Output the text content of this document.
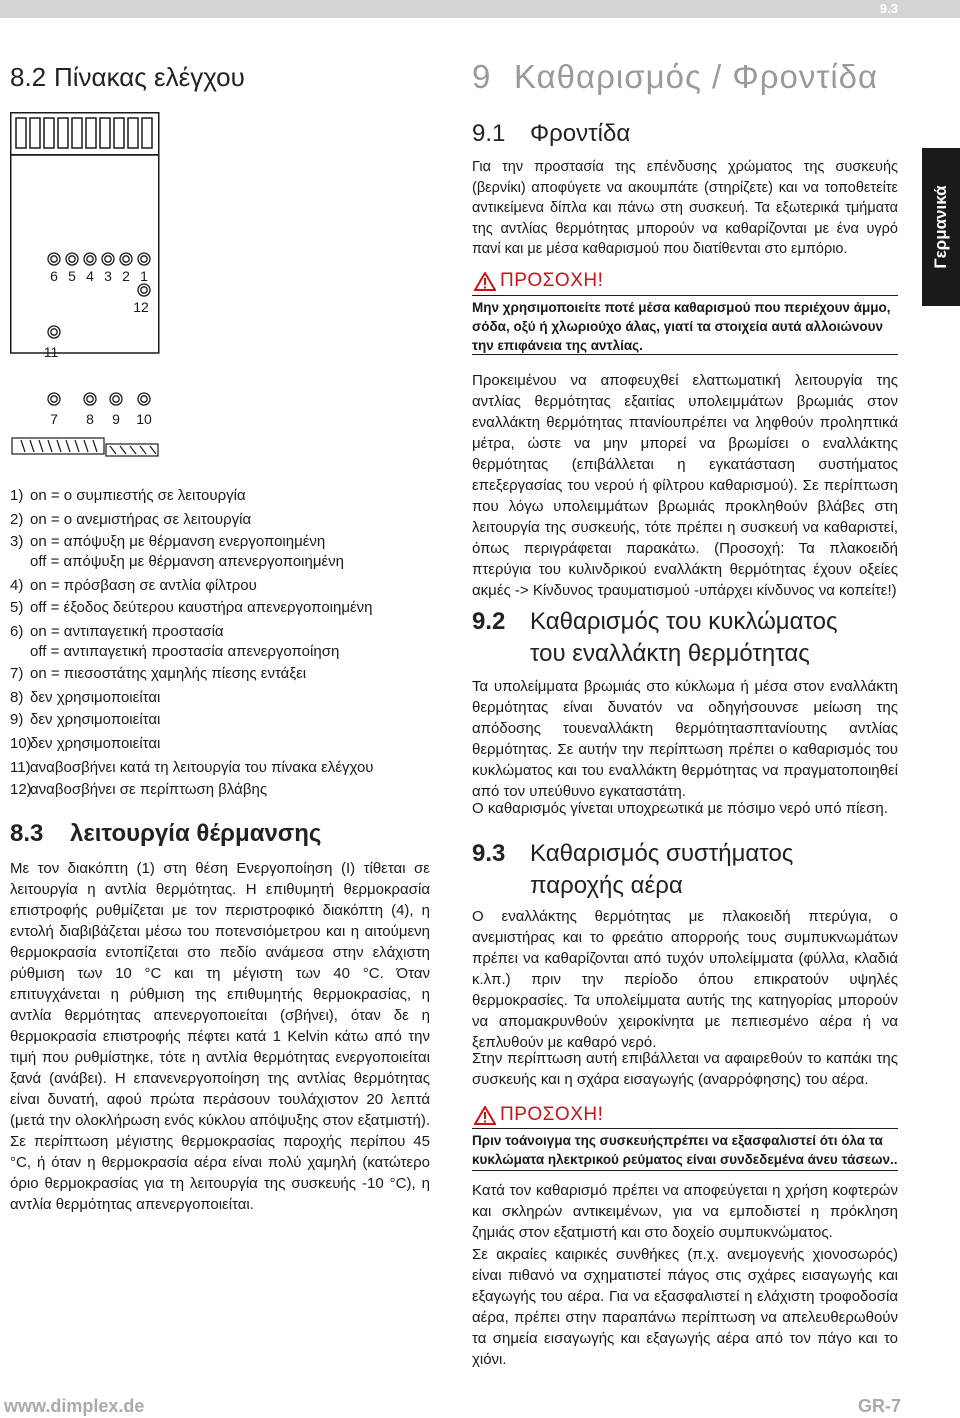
9.3
8.2 Πίνακας ελέγχου
6 5 4 3 2 1
12
11
7 8 9 10
1) on = ο συμπιεστής σε λειτουργία
2) on = ο ανεμιστήρας σε λειτουργία
3) on = απόψυξη με θέρμανση ενεργοποιημένη
off = απόψυξη με θέρμανση απενεργοποιημένη
4) on = πρόσβαση σε αντλία φίλτρου
5) off = έξοδος δεύτερου καυστήρα απενεργοποιημένη
6) on = αντιπαγετική προστασία
off = αντιπαγετική προστασία απενεργοποίηση
7) on = πιεσοστάτης χαμηλής πίεσης εντάξει
8) δεν χρησιμοποιείται
9) δεν χρησιμοποιείται
10)δεν χρησιμοποιείται
11)αναβοσβήνει κατά τη λειτουργία του πίνακα ελέγχου
12)αναβοσβήνει σε περίπτωση βλάβης
8.3 λειτουργία θέρμανσης
Με τον διακόπτη (1) στη θέση Ενεργοποίηση (I) τίθεται σε λειτουργία η αντλία θερμότητας. Η επιθυμητή θερμοκρασία επιστροφής ρυθμίζεται με τον περιστροφικό διακόπτη (4), η εντολή διαβιβάζεται μέσω του ποτενσιόμετρου και η αιτούμενη θερμοκρασία εντοπίζεται στο πεδίο ανάμεσα στην ελάχιστη ρύθμιση των 10 °C και τη μέγιστη των 40 °C. Όταν επιτυγχάνεται η ρύθμιση της επιθυμητής θερμοκρασίας, η αντλία θερμότητας απενεργοποιείται (σβήνει), όταν δε η θερμοκρασία επιστροφής πέφτει κατά 1 Kelvin κάτω από την τιμή που ρυθμίστηκε, τότε η αντλία θερμότητας ενεργοποιείται ξανά (ανάβει). Η επανενεργοποίηση της αντλίας θερμότητας είναι δυνατή, αφού πρώτα περάσουν τουλάχιστον 20 λεπτά (μετά την ολοκλήρωση ενός κύκλου απόψυξης στον εξατμιστή). Σε περίπτωση μέγιστης θερμοκρασίας παροχής περίπου 45 °C, ή όταν η θερμοκρασία αέρα είναι πολύ χαμηλή (κατώτερο όριο θερμοκρασίας για τη λειτουργία της συσκευής -10 °C), η αντλία θερμότητας απενεργοποιείται.
9 Καθαρισμός / Φροντίδα
9.1 Φροντίδα
Για την προστασία της επένδυσης χρώματος της συσκευής (βερνίκι) αποφύγετε να ακουμπάτε (στηρίζετε) και να τοποθετείτε αντικείμενα δίπλα και πάνω στη συσκευή. Τα εξωτερικά τμήματα της αντλίας θερμότητας μπορούν να καθαρίζονται με ένα υγρό πανί και με μέσα καθαρισμού που διατίθενται στο εμπόριο.
ΠΡΟΣΟΧΗ!
Μην χρησιμοποιείτε ποτέ μέσα καθαρισμού που περιέχουν άμμο, σόδα, οξύ ή χλωριούχο άλας, γιατί τα στοιχεία αυτά αλλοιώνουν την επιφάνεια της αντλίας.
Προκειμένου να αποφευχθεί ελαττωματική λειτουργία της αντλίας θερμότητας εξαιτίας υπολειμμάτων βρωμιάς στον εναλλάκτη θερμότητας πτανίουπρέπει να ληφθούν προληπτικά μέτρα, ώστε να μην μπορεί να βρωμίσει ο εναλλάκτης θερμότητας (επιβάλλεται η εγκατάσταση συστήματος επεξεργασίας του νερού ή φίλτρου καθαρισμού). Σε περίπτωση που λόγω υπολειμμάτων βρωμιάς προκληθούν βλάβες στη λειτουργία της συσκευής, τότε πρέπει η συσκευή να καθαριστεί, όπως περιγράφεται παρακάτω. (Προσοχή: Τα πλακοειδή πτερύγια του κυλινδρικού εναλλάκτη θερμότητας έχουν οξείες ακμές -> Κίνδυνος τραυματισμού -υπάρχει κίνδυνος να κοπείτε!)
9.2 Καθαρισμός του κυκλώματος
του εναλλάκτη θερμότητας
Τα υπολείμματα βρωμιάς στο κύκλωμα ή μέσα στον εναλλάκτη θερμότητας είναι δυνατόν να οδηγήσουνσε μείωση της απόδοσης τουεναλλάκτη θερμότητασπτανίουτης αντλίας θερμότητας. Σε αυτήν την περίπτωση πρέπει ο καθαρισμός του κυκλώματος και του εναλλάκτη θερμότητας να πραγματοποιηθεί από τον υπεύθυνο εγκαταστάτη.
Ο καθαρισμός γίνεται υποχρεωτικά με πόσιμο νερό υπό πίεση.
9.3 Καθαρισμός συστήματος
παροχής αέρα
Ο εναλλάκτης θερμότητας με πλακοειδή πτερύγια, ο ανεμιστήρας και το φρεάτιο απορροής τους συμπυκνωμάτων πρέπει να καθαρίζονται από τυχόν υπολείμματα (φύλλα, κλαδιά κ.λπ.) πριν την περίοδο όπου επικρατούν υψηλές θερμοκρασίες. Τα υπολείμματα αυτής της κατηγορίας μπορούν να απομακρυνθούν χειροκίνητα με πεπιεσμένο αέρα ή να ξεπλυθούν με καθαρό νερό.
Στην περίπτωση αυτή επιβάλλεται να αφαιρεθούν το καπάκι της συσκευής και η σχάρα εισαγωγής (αναρρόφησης) του αέρα.
ΠΡΟΣΟΧΗ!
Πριν τοάνοιγμα της συσκευήςπρέπει να εξασφαλιστεί ότι όλα τα κυκλώματα ηλεκτρικού ρεύματος είναι συνδεδεμένα άνευ τάσεων..
Κατά τον καθαρισμό πρέπει να αποφεύγεται η χρήση κοφτερών και σκληρών αντικειμένων, για να εμποδιστεί η πρόκληση ζημιάς στον εξατμιστή και στο δοχείο συμπυκνώματος.
Σε ακραίες καιρικές συνθήκες (π.χ. ανεμογενής χιονοσωρός) είναι πιθανό να σχηματιστεί πάγος στις σχάρες εισαγωγής και εξαγωγής του αέρα. Για να εξασφαλιστεί η ελάχιστη τροφοδοσία αέρα, πρέπει στην παραπάνω περίπτωση να απελευθερωθούν τα σημεία εισαγωγής και εξαγωγής αέρα από τον πάγο και το χιόνι.
Γερμανικά
www.dimplex.de	GR-7
